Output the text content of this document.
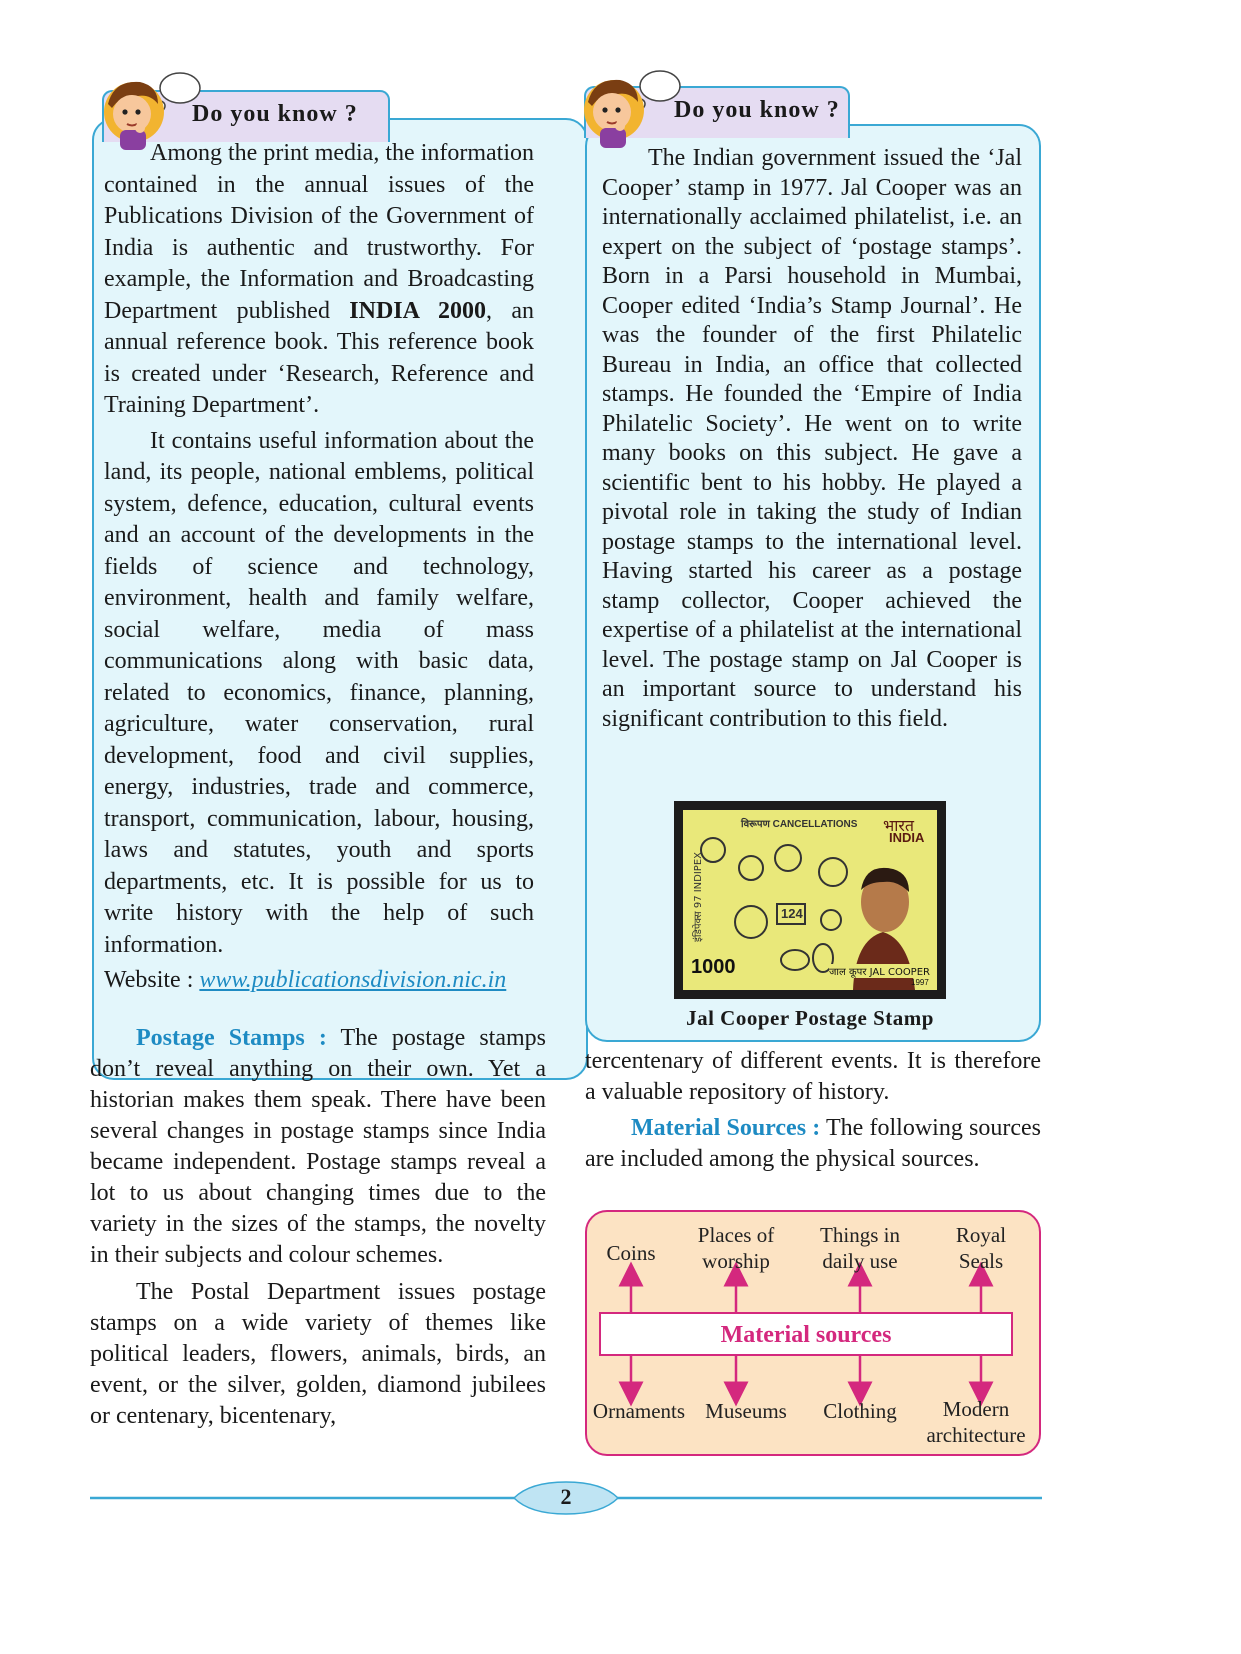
Do you know ?

Among the print media, the information contained in the annual issues of the Publications Division of the Government of India is authentic and trustworthy. For example, the Information and Broadcasting Department published INDIA 2000, an annual reference book. This reference book is created under ‘Research, Reference and Training Department’.

It contains useful information about the land, its people, national emblems, political system, defence, education, cultural events and an account of the developments in the fields of science and technology, environment, health and family welfare, social welfare, media of mass communications along with basic data, related to economics, finance, planning, agriculture, water conservation, rural development, food and civil supplies, energy, industries, trade and commerce, transport, communication, labour, housing, laws and statutes, youth and sports departments, etc. It is possible for us to write history with the help of such information.

Website : www.publicationsdivision.nic.in

Do you know ?

The Indian government issued the ‘Jal Cooper’ stamp in 1977. Jal Cooper was an internationally acclaimed philatelist, i.e. an expert on the subject of ‘postage stamps’. Born in a Parsi household in Mumbai, Cooper edited ‘India’s Stamp Journal’. He was the founder of the first Philatelic Bureau in India, an office that collected stamps. He founded the ‘Empire of India Philatelic Society’. He went on to write many books on this subject. He gave a scientific bent to his hobby. He played a pivotal role in taking the study of Indian postage stamps to the international level. Having started his career as a postage stamp collector, Cooper achieved the expertise of a philatelist at the international level. The postage stamp on Jal Cooper is an important source to understand his significant contribution to this field.

विरूपण CANCELLATIONS भारत
INDIA
इंडिपेक्स 97 INDIPEX	124
1000	जाल कूपर JAL COOPER
1997
Jal Cooper Postage Stamp

Postage Stamps : The postage stamps don’t reveal anything on their own. Yet a historian makes them speak. There have been several changes in postage stamps since India became independent. Postage stamps reveal a lot to us about changing times due to the variety in the sizes of the stamps, the novelty in their subjects and colour schemes.

The Postal Department issues postage stamps on a wide variety of themes like political leaders, flowers, animals, birds, an event, or the silver, golden, diamond jubilees or centenary, bicentenary,

tercentenary of different events. It is therefore a valuable repository of history.

Material Sources : The following sources are included among the physical sources.

Coins
Places of worship
Things in daily use
Royal Seals
Material sources
Ornaments Museums	Clothing	Modern architecture
2
